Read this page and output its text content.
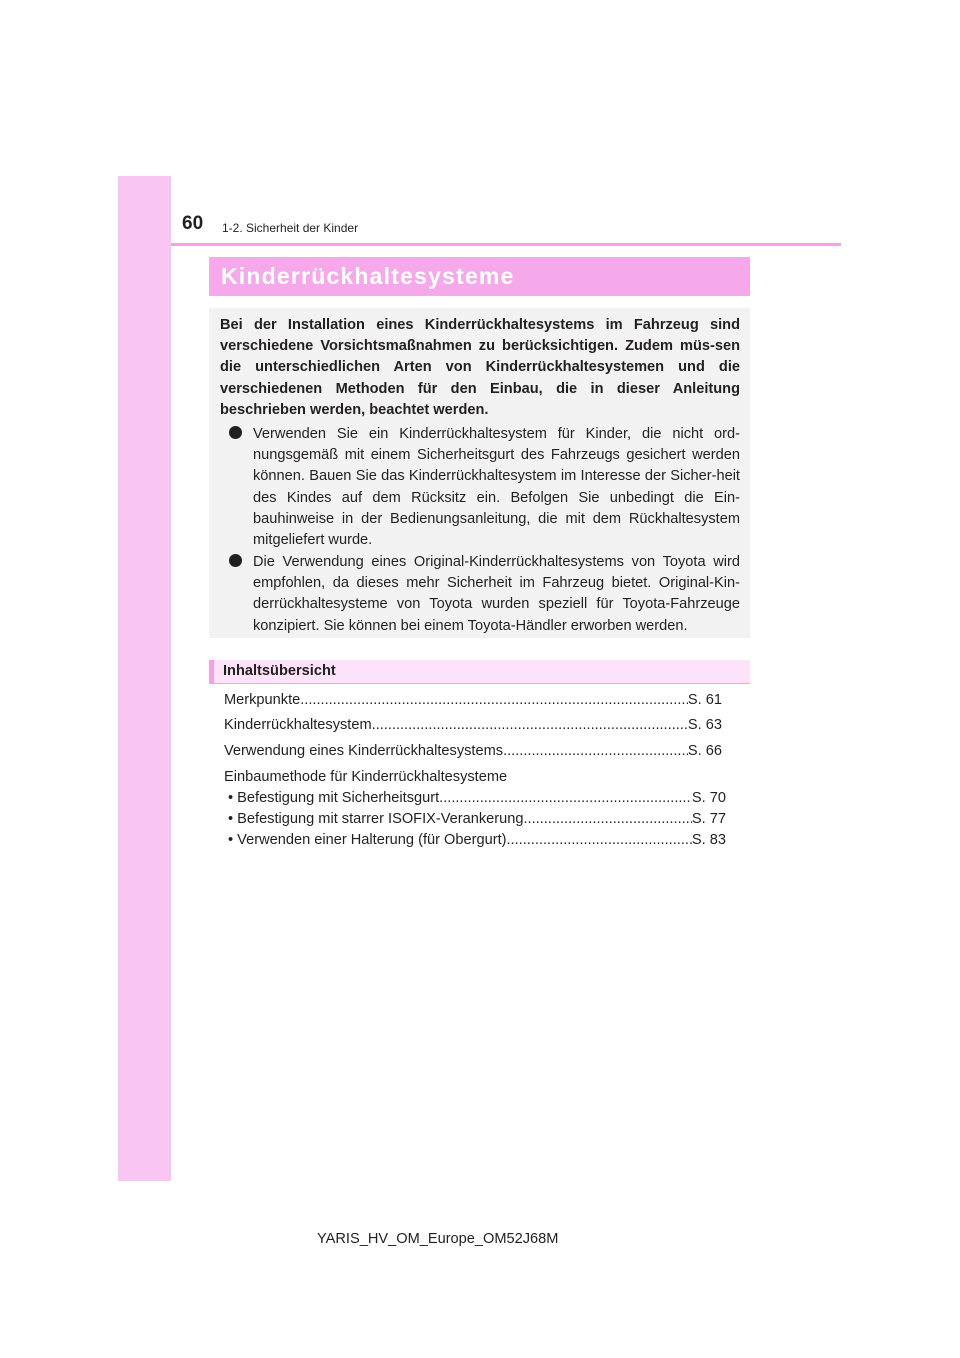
60 1-2. Sicherheit der Kinder
Kinderrückhaltesysteme
Bei der Installation eines Kinderrückhaltesystems im Fahrzeug sind verschiedene Vorsichtsmaßnahmen zu berücksichtigen. Zudem müs-sen die unterschiedlichen Arten von Kinderrückhaltesystemen und die verschiedenen Methoden für den Einbau, die in dieser Anleitung beschrieben werden, beachtet werden.
Verwenden Sie ein Kinderrückhaltesystem für Kinder, die nicht ord-nungsgemäß mit einem Sicherheitsgurt des Fahrzeugs gesichert werden können. Bauen Sie das Kinderrückhaltesystem im Interesse der Sicher-heit des Kindes auf dem Rücksitz ein. Befolgen Sie unbedingt die Ein-bauhinweise in der Bedienungsanleitung, die mit dem Rückhaltesystem mitgeliefert wurde.
Die Verwendung eines Original-Kinderrückhaltesystems von Toyota wird empfohlen, da dieses mehr Sicherheit im Fahrzeug bietet. Original-Kin-derrückhaltesysteme von Toyota wurden speziell für Toyota-Fahrzeuge konzipiert. Sie können bei einem Toyota-Händler erworben werden.
Inhaltsübersicht
Merkpunkte .....	S. 61
Kinderrückhaltesystem .....	S. 63
Verwendung eines Kinderrückhaltesystems .....	S. 66
Einbaumethode für Kinderrückhaltesysteme
• Befestigung mit Sicherheitsgurt .....	S. 70
• Befestigung mit starrer ISOFIX-Verankerung .....	S. 77
• Verwenden einer Halterung (für Obergurt) .....	S. 83
YARIS_HV_OM_Europe_OM52J68M
